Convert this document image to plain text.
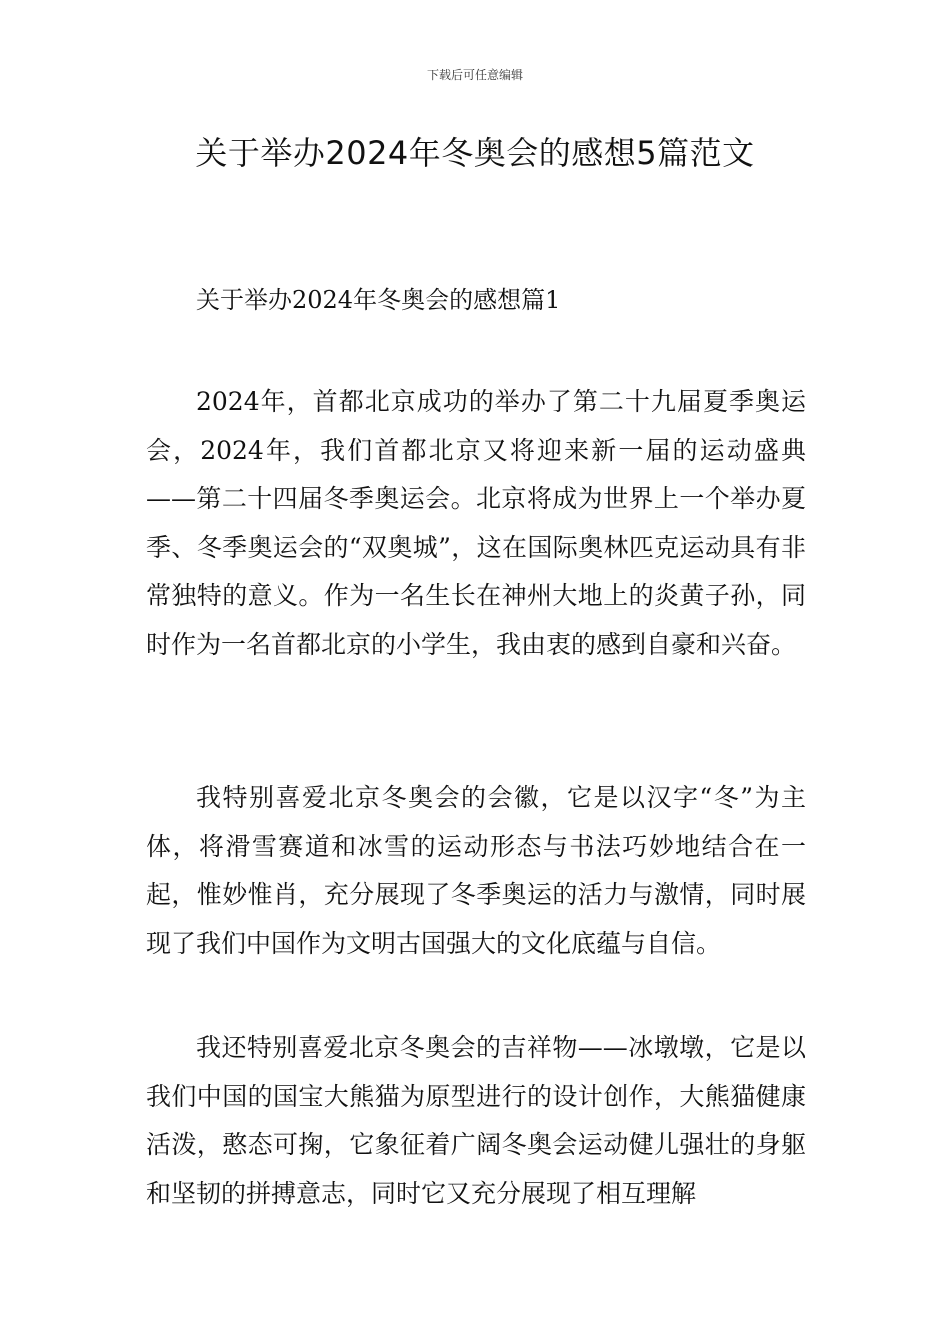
下载后可任意编辑
关于举办2024年冬奥会的感想5篇范文
关于举办2024年冬奥会的感想篇1

2024年，首都北京成功的举办了第二十九届夏季奥运会，2024年，我们首都北京又将迎来新一届的运动盛典——第二十四届冬季奥运会。北京将成为世界上一个举办夏季、冬季奥运会的“双奥城”，这在国际奥林匹克运动具有非常独特的意义。作为一名生长在神州大地上的炎黄子孙，同时作为一名首都北京的小学生，我由衷的感到自豪和兴奋。

我特别喜爱北京冬奥会的会徽，它是以汉字“冬”为主体，将滑雪赛道和冰雪的运动形态与书法巧妙地结合在一起，惟妙惟肖，充分展现了冬季奥运的活力与激情，同时展现了我们中国作为文明古国强大的文化底蕴与自信。

我还特别喜爱北京冬奥会的吉祥物——冰墩墩，它是以我们中国的国宝大熊猫为原型进行的设计创作，大熊猫健康活泼，憨态可掬，它象征着广阔冬奥会运动健儿强壮的身躯和坚韧的拼搏意志，同时它又充分展现了相互理解
